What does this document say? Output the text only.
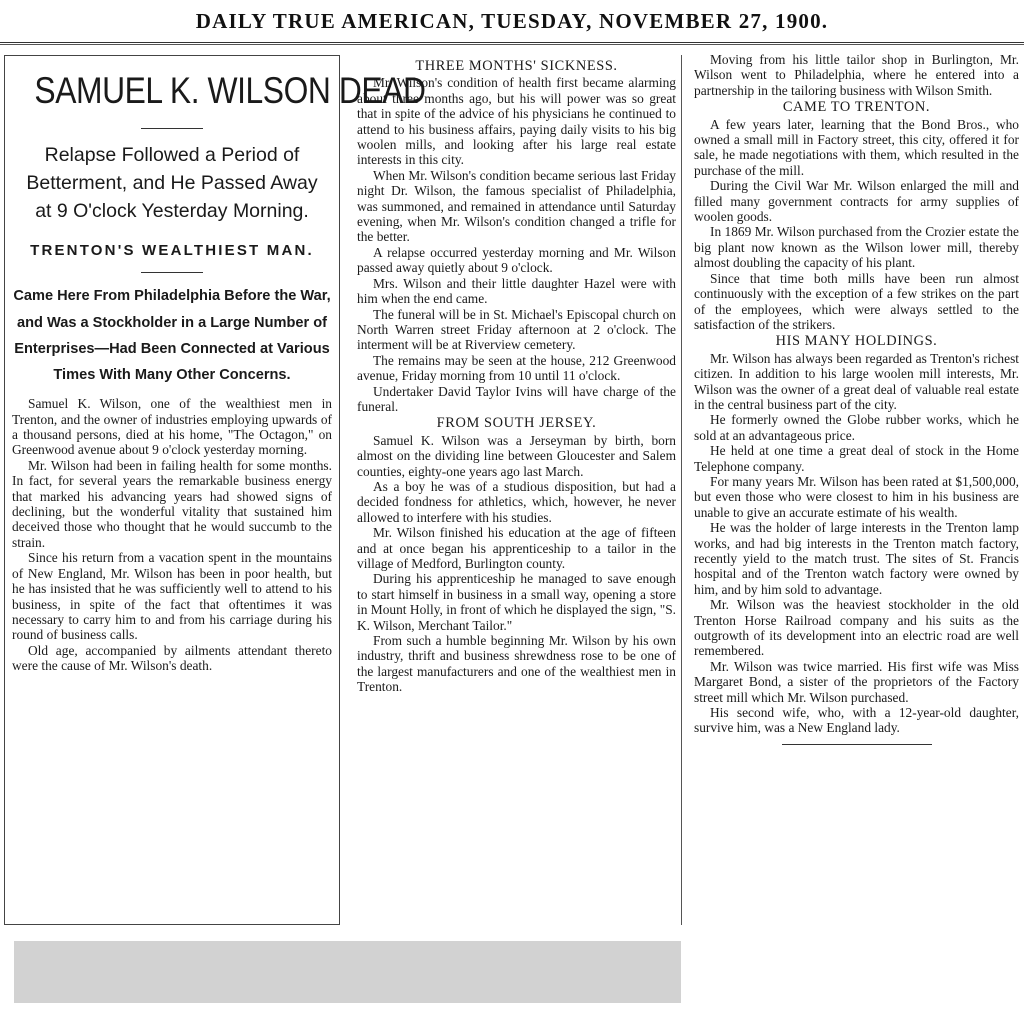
DAILY TRUE AMERICAN, TUESDAY, NOVEMBER 27, 1900.
SAMUEL K. WILSON DEAD
Relapse Followed a Period of Betterment, and He Passed Away at 9 O'clock Yesterday Morning.
TRENTON'S WEALTHIEST MAN.
Came Here From Philadelphia Before the War, and Was a Stockholder in a Large Number of Enterprises—Had Been Connected at Various Times With Many Other Concerns.

Samuel K. Wilson, one of the wealthiest men in Trenton, and the owner of industries employing upwards of a thousand persons, died at his home, "The Octagon," on Greenwood avenue about 9 o'clock yesterday morning.

Mr. Wilson had been in failing health for some months. In fact, for several years the remarkable business energy that marked his advancing years had showed signs of declining, but the wonderful vitality that sustained him deceived those who thought that he would succumb to the strain.

Since his return from a vacation spent in the mountains of New England, Mr. Wilson has been in poor health, but he has insisted that he was sufficiently well to attend to his business, in spite of the fact that oftentimes it was necessary to carry him to and from his carriage during his round of business calls.

Old age, accompanied by ailments attendant thereto were the cause of Mr. Wilson's death.

THREE MONTHS' SICKNESS.

Mr. Wilson's condition of health first became alarming about three months ago, but his will power was so great that in spite of the advice of his physicians he continued to attend to his business affairs, paying daily visits to his big woolen mills, and looking after his large real estate interests in this city.

When Mr. Wilson's condition became serious last Friday night Dr. Wilson, the famous specialist of Philadelphia, was summoned, and remained in attendance until Saturday evening, when Mr. Wilson's condition changed a trifle for the better.

A relapse occurred yesterday morning and Mr. Wilson passed away quietly about 9 o'clock.

Mrs. Wilson and their little daughter Hazel were with him when the end came.

The funeral will be in St. Michael's Episcopal church on North Warren street Friday afternoon at 2 o'clock. The interment will be at Riverview cemetery.

The remains may be seen at the house, 212 Greenwood avenue, Friday morning from 10 until 11 o'clock.

Undertaker David Taylor Ivins will have charge of the funeral.

FROM SOUTH JERSEY.

Samuel K. Wilson was a Jerseyman by birth, born almost on the dividing line between Gloucester and Salem counties, eighty-one years ago last March.

As a boy he was of a studious disposition, but had a decided fondness for athletics, which, however, he never allowed to interfere with his studies.

Mr. Wilson finished his education at the age of fifteen and at once began his apprenticeship to a tailor in the village of Medford, Burlington county.

During his apprenticeship he managed to save enough to start himself in business in a small way, opening a store in Mount Holly, in front of which he displayed the sign, "S. K. Wilson, Merchant Tailor."

From such a humble beginning Mr. Wilson by his own industry, thrift and business shrewdness rose to be one of the largest manufacturers and one of the wealthiest men in Trenton.

Moving from his little tailor shop in Burlington, Mr. Wilson went to Philadelphia, where he entered into a partnership in the tailoring business with Wilson Smith.

CAME TO TRENTON.

A few years later, learning that the Bond Bros., who owned a small mill in Factory street, this city, offered it for sale, he made negotiations with them, which resulted in the purchase of the mill.

During the Civil War Mr. Wilson enlarged the mill and filled many government contracts for army supplies of woolen goods.

In 1869 Mr. Wilson purchased from the Crozier estate the big plant now known as the Wilson lower mill, thereby almost doubling the capacity of his plant.

Since that time both mills have been run almost continuously with the exception of a few strikes on the part of the employees, which were always settled to the satisfaction of the strikers.

HIS MANY HOLDINGS.

Mr. Wilson has always been regarded as Trenton's richest citizen. In addition to his large woolen mill interests, Mr. Wilson was the owner of a great deal of valuable real estate in the central business part of the city.

He formerly owned the Globe rubber works, which he sold at an advantageous price.

He held at one time a great deal of stock in the Home Telephone company.

For many years Mr. Wilson has been rated at $1,500,000, but even those who were closest to him in his business are unable to give an accurate estimate of his wealth.

He was the holder of large interests in the Trenton lamp works, and had big interests in the Trenton match factory, recently yield to the match trust. The sites of St. Francis hospital and of the Trenton watch factory were owned by him, and by him sold to advantage.

Mr. Wilson was the heaviest stockholder in the old Trenton Horse Railroad company and his suits as the outgrowth of its development into an electric road are well remembered.

Mr. Wilson was twice married. His first wife was Miss Margaret Bond, a sister of the proprietors of the Factory street mill which Mr. Wilson purchased.

His second wife, who, with a 12-year-old daughter, survive him, was a New England lady.
